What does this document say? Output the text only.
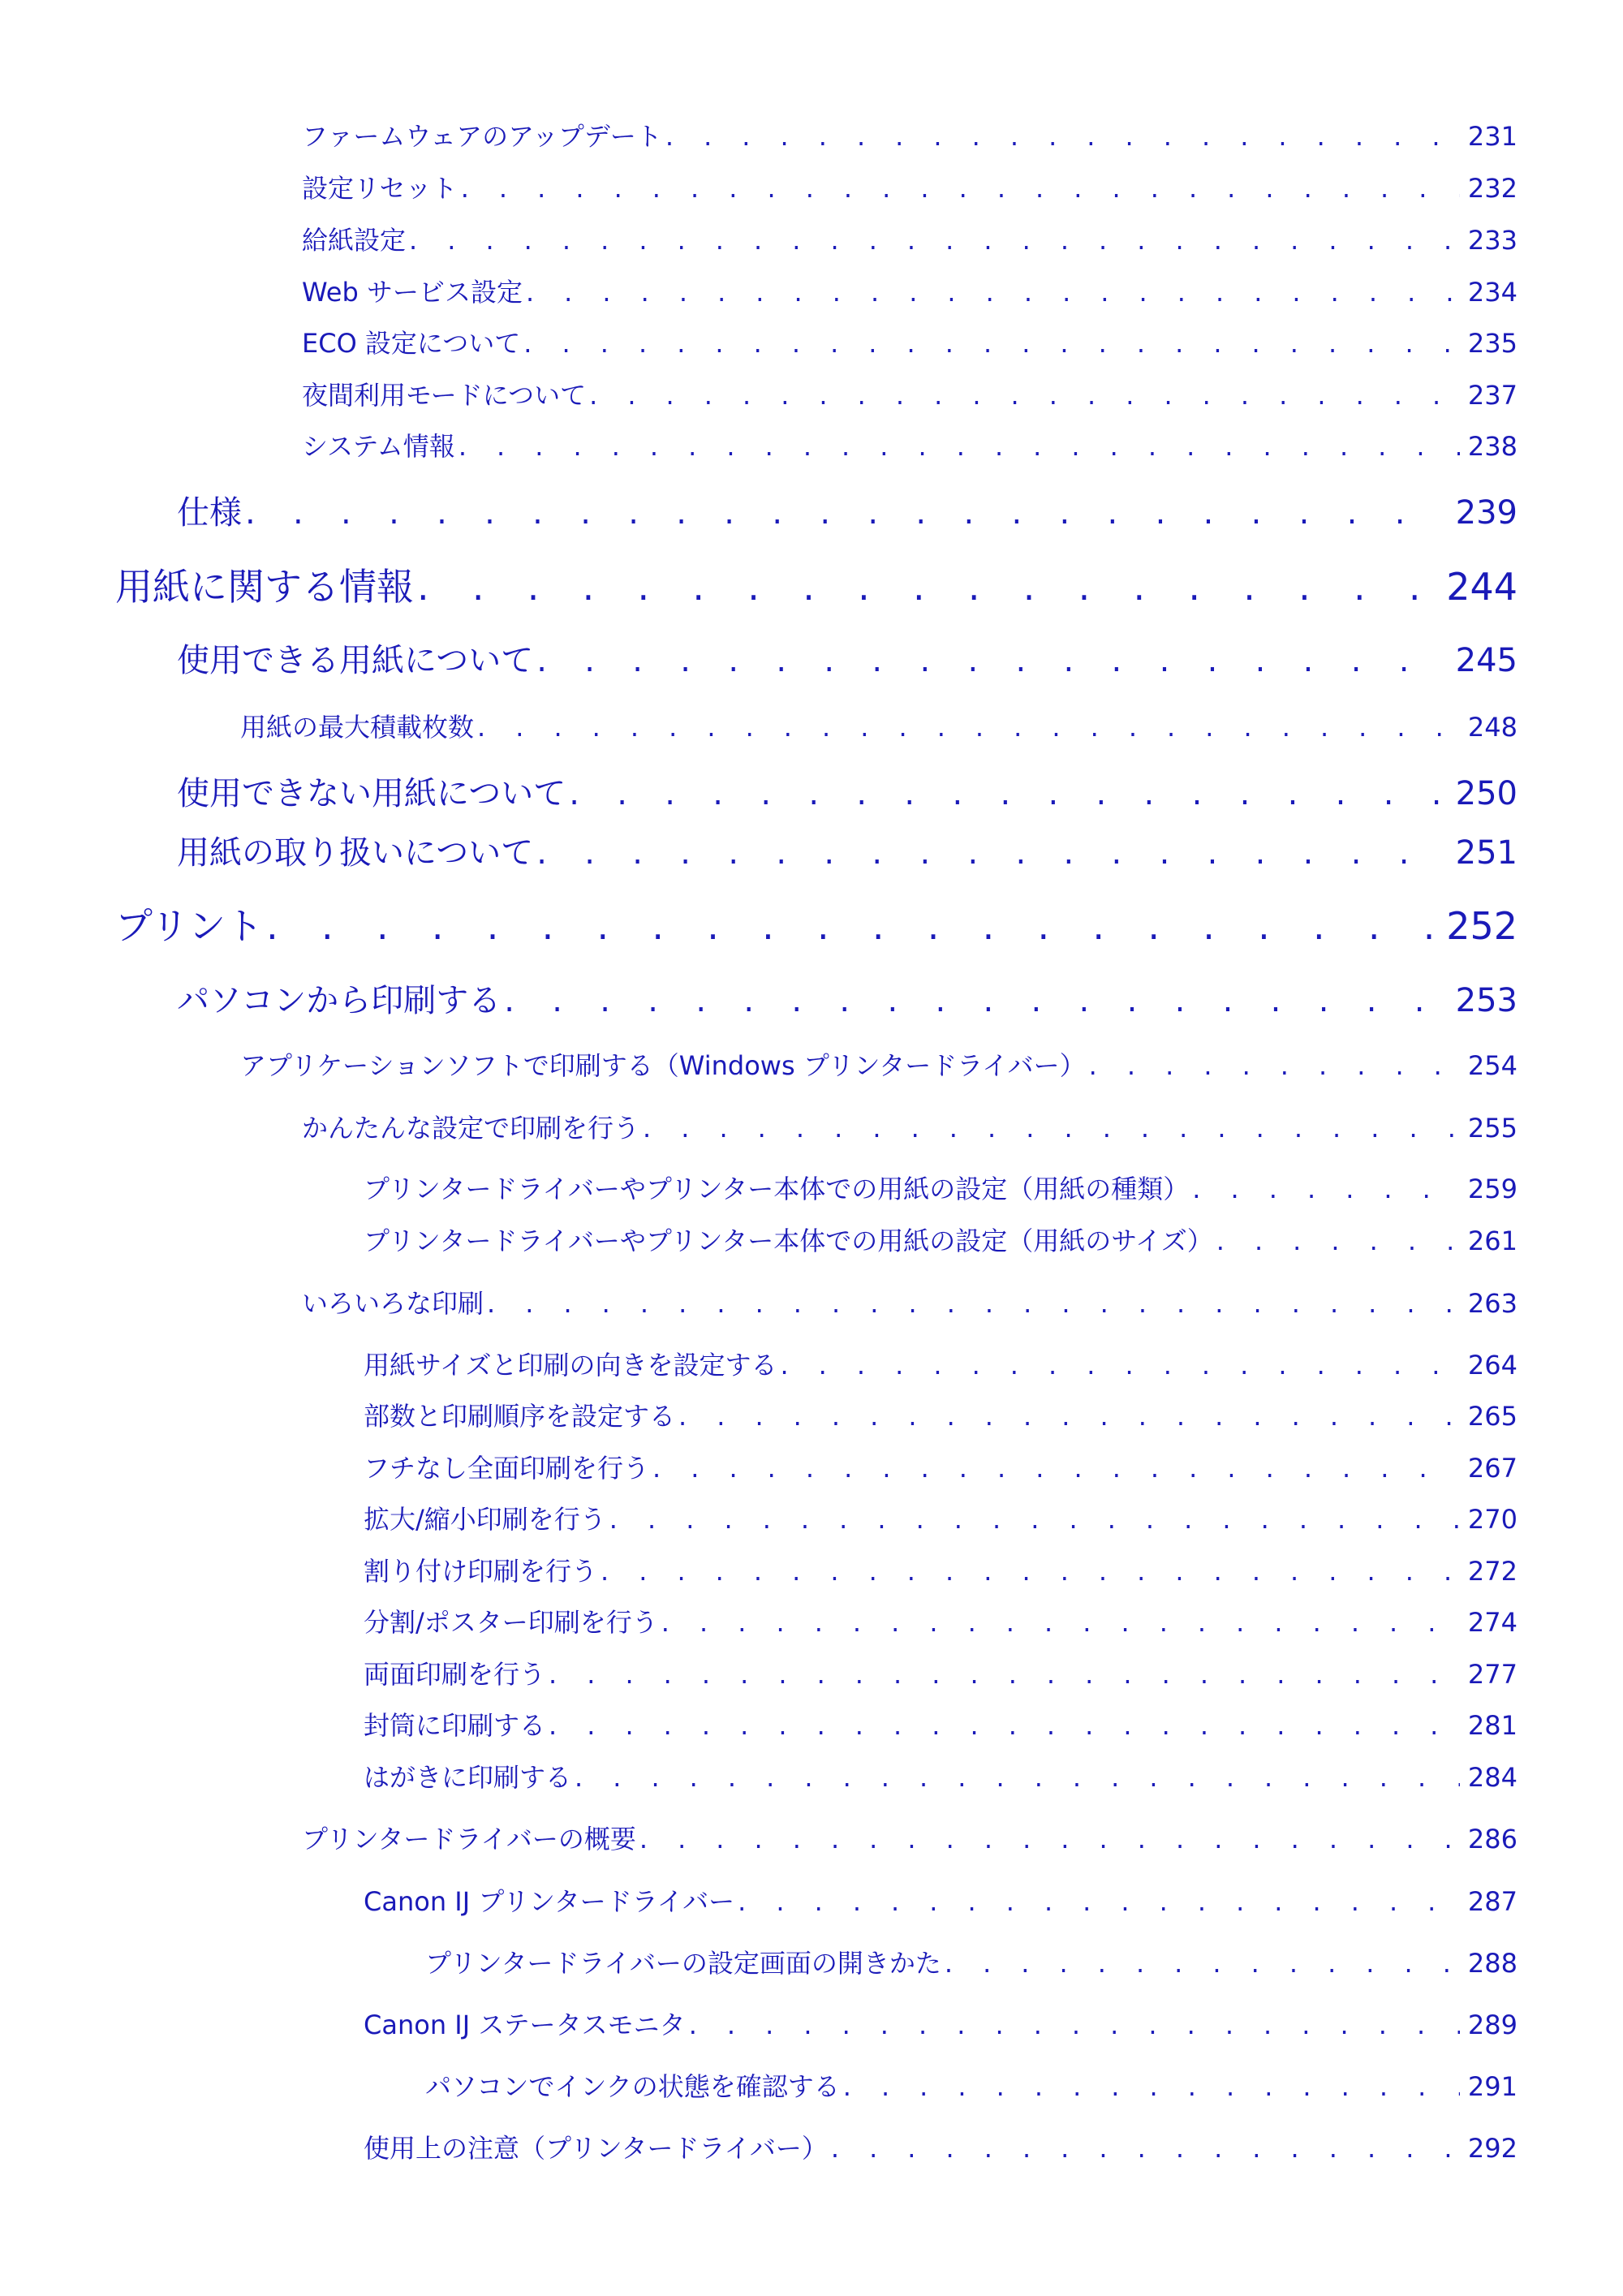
ファームウェアのアップデート . . .	231
設定リセット . . .	232
給紙設定 . . .	233
Web サービス設定 . . .	234
ECO 設定について . . .	235
夜間利用モードについて . . .	237
システム情報 . . .	238
仕様 . . .	239
用紙に関する情報 . . .	244
使用できる用紙について . . .	245
用紙の最大積載枚数 . . .	248
使用できない用紙について . . .	250
用紙の取り扱いについて . . .	251
プリント . . .	252
パソコンから印刷する . . .	253
アプリケーションソフトで印刷する（Windows プリンタードライバー） . . .	254
かんたんな設定で印刷を行う . . .	255
プリンタードライバーやプリンター本体での用紙の設定（用紙の種類） . . .	259
プリンタードライバーやプリンター本体での用紙の設定（用紙のサイズ） . . .	261
いろいろな印刷 . . .	263
用紙サイズと印刷の向きを設定する . . .	264
部数と印刷順序を設定する . . .	265
フチなし全面印刷を行う . . .	267
拡大/縮小印刷を行う . . .	270
割り付け印刷を行う . . .	272
分割/ポスター印刷を行う . . .	274
両面印刷を行う . . .	277
封筒に印刷する . . .	281
はがきに印刷する . . .	284
プリンタードライバーの概要 . . .	286
Canon IJ プリンタードライバー . . .	287
プリンタードライバーの設定画面の開きかた . . .	288
Canon IJ ステータスモニタ . . .	289
パソコンでインクの状態を確認する . . .	291
使用上の注意（プリンタードライバー） . . .	292
